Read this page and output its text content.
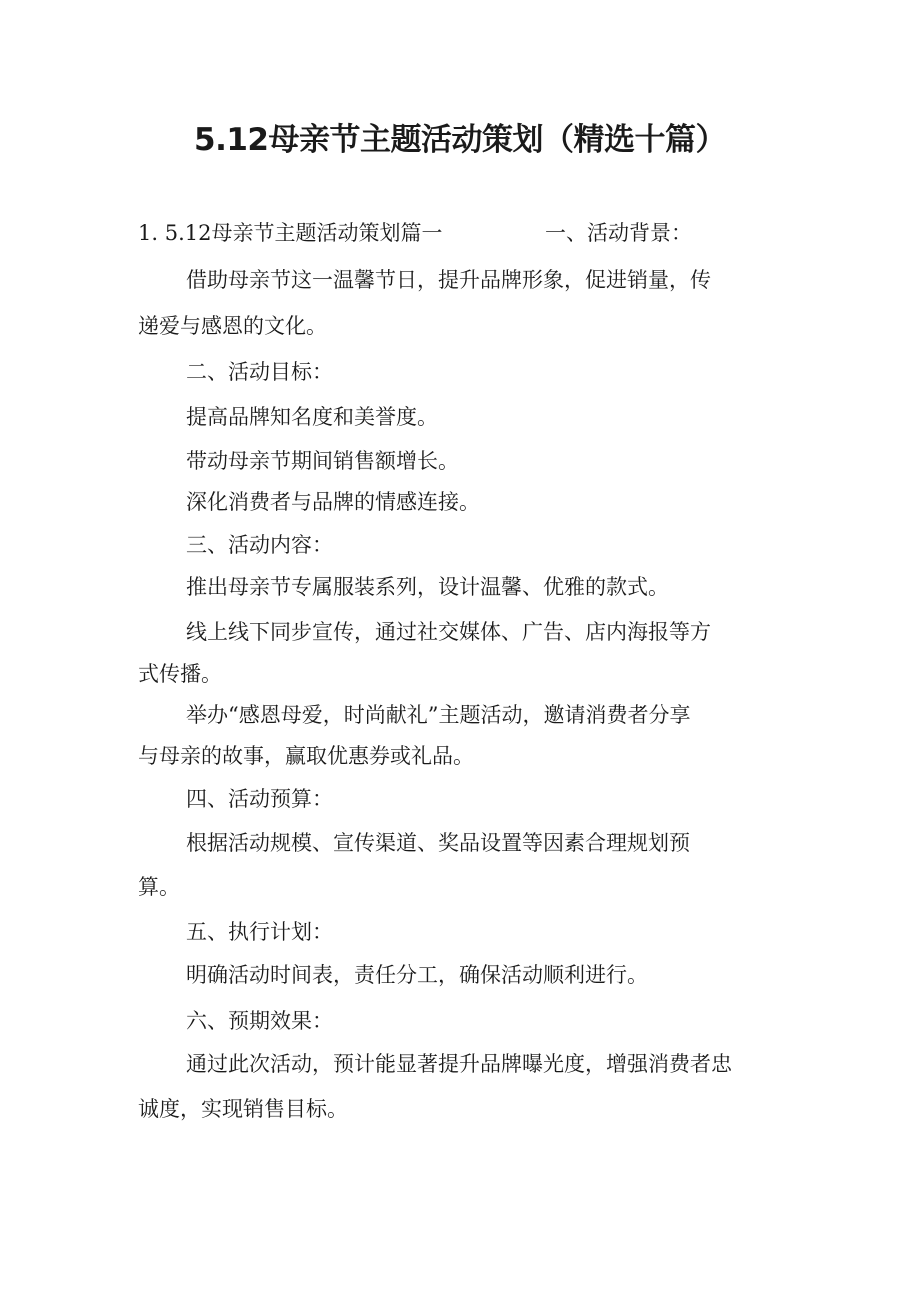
5.12母亲节主题活动策划（精选十篇）

1. 5.12母亲节主题活动策划篇一	一、活动背景：

借助母亲节这一温馨节日，提升品牌形象，促进销量，传

递爱与感恩的文化。

二、活动目标：

提高品牌知名度和美誉度。

带动母亲节期间销售额增长。

深化消费者与品牌的情感连接。

三、活动内容：

推出母亲节专属服装系列，设计温馨、优雅的款式。

线上线下同步宣传，通过社交媒体、广告、店内海报等方

式传播。

举办“感恩母爱，时尚献礼”主题活动，邀请消费者分享

与母亲的故事，赢取优惠券或礼品。

四、活动预算：

根据活动规模、宣传渠道、奖品设置等因素合理规划预

算。

五、执行计划：

明确活动时间表，责任分工，确保活动顺利进行。

六、预期效果：

通过此次活动，预计能显著提升品牌曝光度，增强消费者忠

诚度，实现销售目标。
